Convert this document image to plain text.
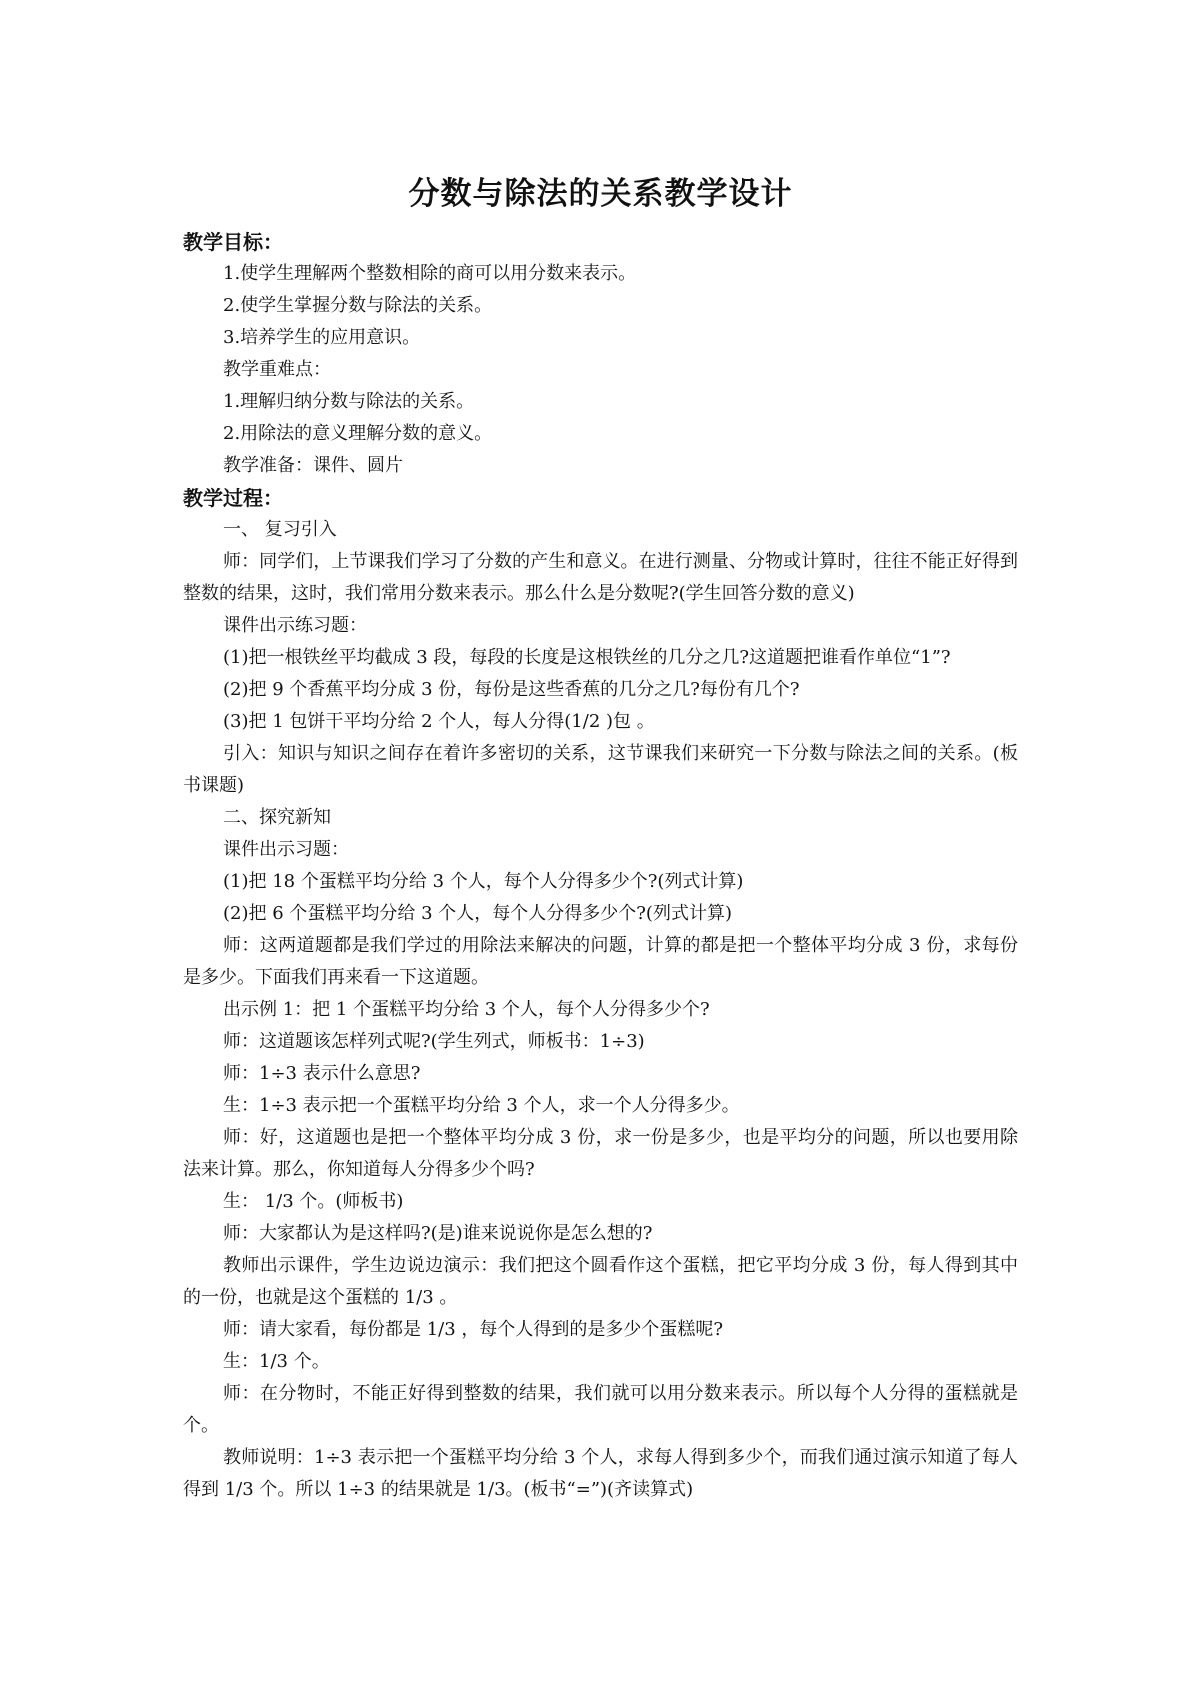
分数与除法的关系教学设计
教学目标：

1.使学生理解两个整数相除的商可以用分数来表示。

2.使学生掌握分数与除法的关系。

3.培养学生的应用意识。

教学重难点：

1.理解归纳分数与除法的关系。

2.用除法的意义理解分数的意义。

教学准备：课件、圆片

教学过程：

一、 复习引入

师：同学们，上节课我们学习了分数的产生和意义。在进行测量、分物或计算时，往往不能正好得到整数的结果，这时，我们常用分数来表示。那么什么是分数呢?(学生回答分数的意义)

课件出示练习题：

(1)把一根铁丝平均截成 3 段，每段的长度是这根铁丝的几分之几?这道题把谁看作单位“1”?

(2)把 9 个香蕉平均分成 3 份，每份是这些香蕉的几分之几?每份有几个?

(3)把 1 包饼干平均分给 2 个人，每人分得(1/2 )包 。

引入：知识与知识之间存在着许多密切的关系，这节课我们来研究一下分数与除法之间的关系。(板书课题)

二、探究新知

课件出示习题：

(1)把 18 个蛋糕平均分给 3 个人，每个人分得多少个?(列式计算)

(2)把 6 个蛋糕平均分给 3 个人，每个人分得多少个?(列式计算)

师：这两道题都是我们学过的用除法来解决的问题，计算的都是把一个整体平均分成 3 份，求每份是多少。下面我们再来看一下这道题。

出示例 1：把 1 个蛋糕平均分给 3 个人，每个人分得多少个?

师：这道题该怎样列式呢?(学生列式，师板书：1÷3)

师：1÷3 表示什么意思?

生：1÷3 表示把一个蛋糕平均分给 3 个人，求一个人分得多少。

师：好，这道题也是把一个整体平均分成 3 份，求一份是多少，也是平均分的问题，所以也要用除法来计算。那么，你知道每人分得多少个吗?

生： 1/3 个。(师板书)

师：大家都认为是这样吗?(是)谁来说说你是怎么想的?

教师出示课件，学生边说边演示：我们把这个圆看作这个蛋糕，把它平均分成 3 份，每人得到其中的一份，也就是这个蛋糕的 1/3 。

师：请大家看，每份都是 1/3 ，每个人得到的是多少个蛋糕呢?

生：1/3 个。

师：在分物时，不能正好得到整数的结果，我们就可以用分数来表示。所以每个人分得的蛋糕就是 个。

教师说明：1÷3 表示把一个蛋糕平均分给 3 个人，求每人得到多少个，而我们通过演示知道了每人得到 1/3 个。所以 1÷3 的结果就是 1/3。(板书“=”)(齐读算式)
